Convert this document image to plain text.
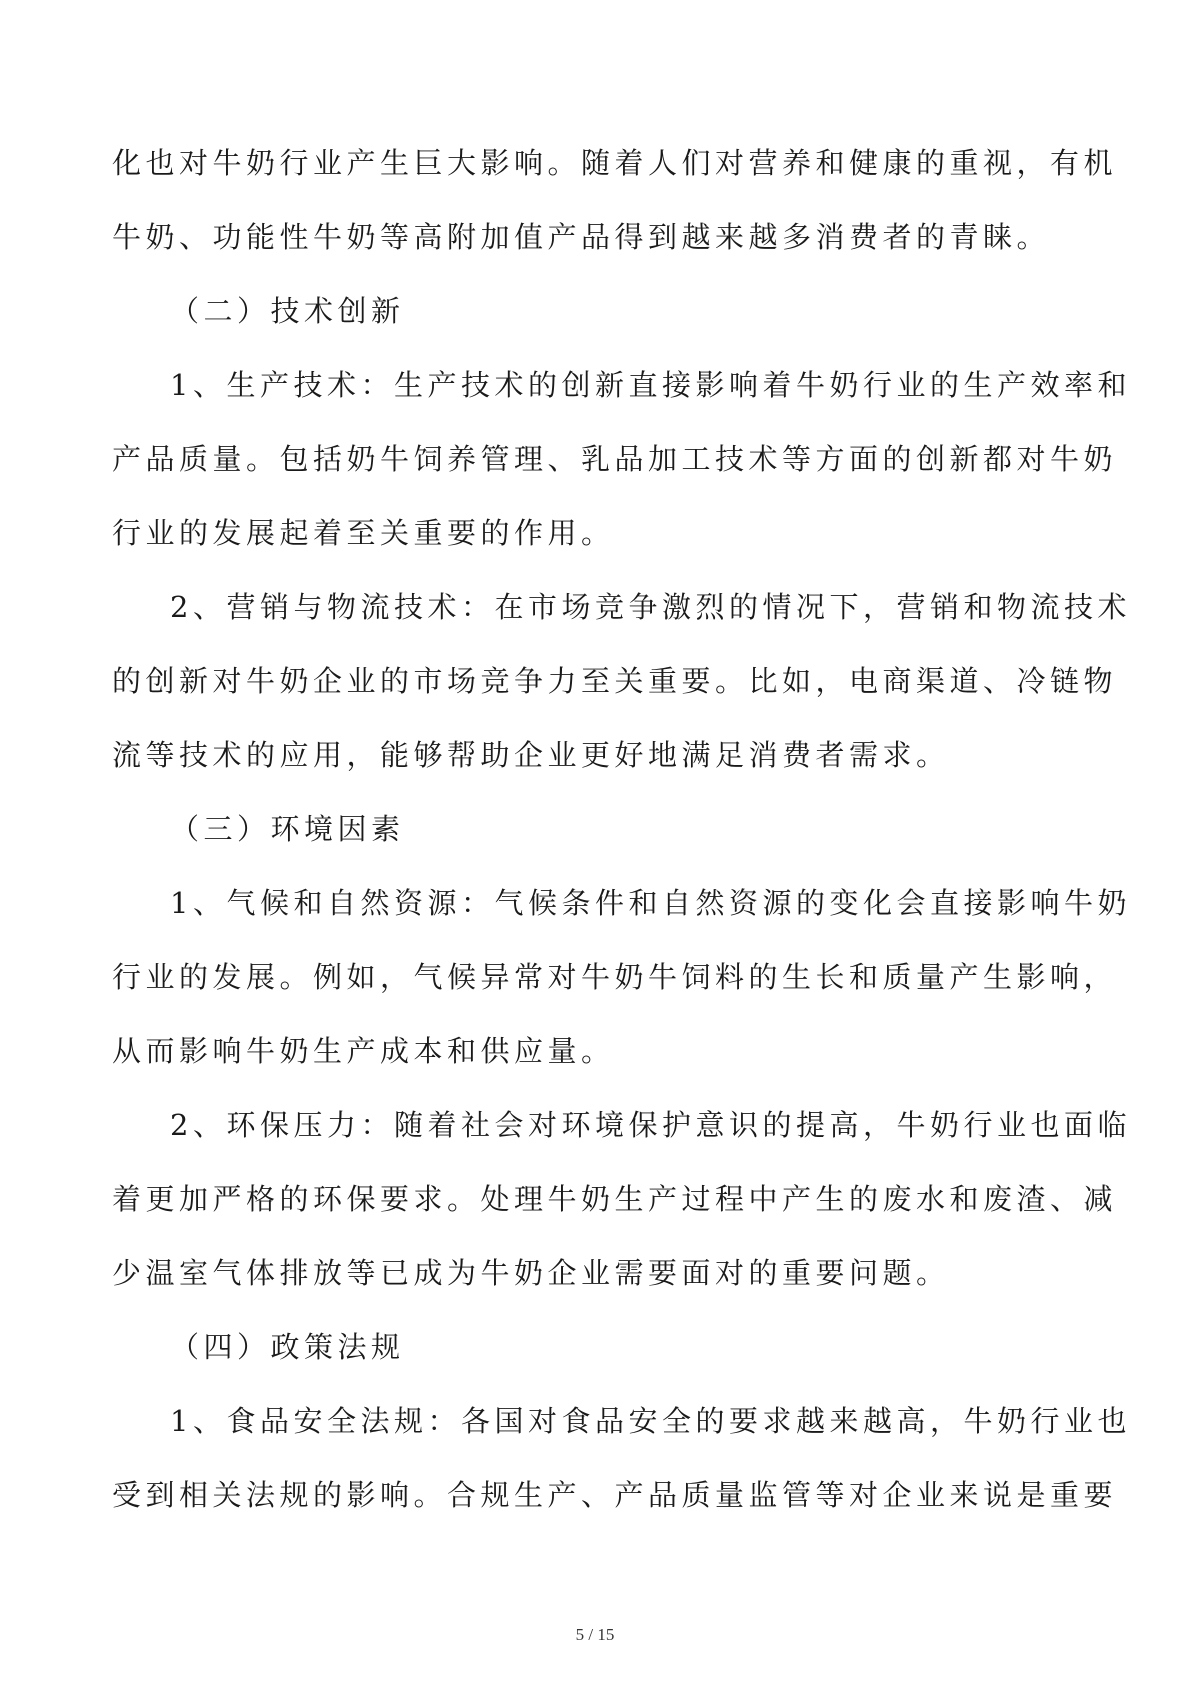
化也对牛奶行业产生巨大影响。随着人们对营养和健康的重视，有机
牛奶、功能性牛奶等高附加值产品得到越来越多消费者的青睐。
（二）技术创新
1、生产技术：生产技术的创新直接影响着牛奶行业的生产效率和
产品质量。包括奶牛饲养管理、乳品加工技术等方面的创新都对牛奶
行业的发展起着至关重要的作用。
2、营销与物流技术：在市场竞争激烈的情况下，营销和物流技术
的创新对牛奶企业的市场竞争力至关重要。比如，电商渠道、冷链物
流等技术的应用，能够帮助企业更好地满足消费者需求。
（三）环境因素
1、气候和自然资源：气候条件和自然资源的变化会直接影响牛奶
行业的发展。例如，气候异常对牛奶牛饲料的生长和质量产生影响，
从而影响牛奶生产成本和供应量。
2、环保压力：随着社会对环境保护意识的提高，牛奶行业也面临
着更加严格的环保要求。处理牛奶生产过程中产生的废水和废渣、减
少温室气体排放等已成为牛奶企业需要面对的重要问题。
（四）政策法规
1、食品安全法规：各国对食品安全的要求越来越高，牛奶行业也
受到相关法规的影响。合规生产、产品质量监管等对企业来说是重要
5 / 15
